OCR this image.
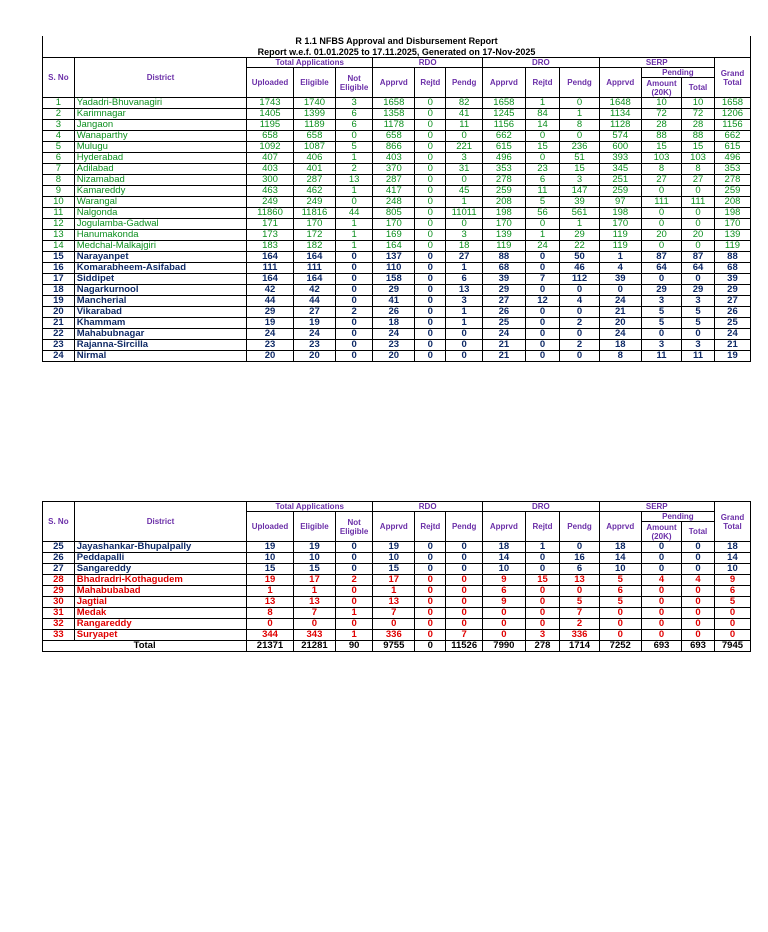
R 1.1 NFBS Approval and Disbursement Report
Report w.e.f. 01.01.2025 to 17.11.2025, Generated on 17-Nov-2025
S. No	District	Total Applications			RDO			DRO			SERP			Grand Total
		Uploaded	Eligible	Not Eligible	Apprvd	Rejtd	Pendg	Apprvd	Rejtd	Pendg	Apprvd	Pending		
												Amount (20K)	Total	
1	Yadadri-Bhuvanagiri	1743	1740	3	1658	0	82	1658	1	0	1648	10	10	1658
2	Karimnagar	1405	1399	6	1358	0	41	1245	84	1	1134	72	72	1206
3	Jangaon	1195	1189	6	1178	0	11	1156	14	8	1128	28	28	1156
4	Wanaparthy	658	658	0	658	0	0	662	0	0	574	88	88	662
5	Mulugu	1092	1087	5	866	0	221	615	15	236	600	15	15	615
6	Hyderabad	407	406	1	403	0	3	496	0	51	393	103	103	496
7	Adilabad	403	401	2	370	0	31	353	23	15	345	8	8	353
8	Nizamabad	300	287	13	287	0	0	278	6	3	251	27	27	278
9	Kamareddy	463	462	1	417	0	45	259	11	147	259	0	0	259
10	Warangal	249	249	0	248	0	1	208	5	39	97	111	111	208
11	Nalgonda	11860	11816	44	805	0	11011	198	56	561	198	0	0	198
12	Jogulamba-Gadwal	171	170	1	170	0	0	170	0	1	170	0	0	170
13	Hanumakonda	173	172	1	169	0	3	139	1	29	119	20	20	139
14	Medchal-Malkajgiri	183	182	1	164	0	18	119	24	22	119	0	0	119
15	Narayanpet	164	164	0	137	0	27	88	0	50	1	87	87	88
16	Komarabheem-Asifabad	111	111	0	110	0	1	68	0	46	4	64	64	68
17	Siddipet	164	164	0	158	0	6	39	7	112	39	0	0	39
18	Nagarkurnool	42	42	0	29	0	13	29	0	0	0	29	29	29
19	Mancherial	44	44	0	41	0	3	27	12	4	24	3	3	27
20	Vikarabad	29	27	2	26	0	1	26	0	0	21	5	5	26
21	Khammam	19	19	0	18	0	1	25	0	2	20	5	5	25
22	Mahabubnagar	24	24	0	24	0	0	24	0	0	24	0	0	24
23	Rajanna-Sircilla	23	23	0	23	0	0	21	0	2	18	3	3	21
24	Nirmal	20	20	0	20	0	0	21	0	0	8	11	11	19
S. No	District	Total Applications			RDO			DRO			SERP			Grand Total
		Uploaded	Eligible	Not Eligible	Apprvd	Rejtd	Pendg	Apprvd	Rejtd	Pendg	Apprvd	Pending		
												Amount (20K)	Total	
25	Jayashankar-Bhupalpally	19	19	0	19	0	0	18	1	0	18	0	0	18
26	Peddapalli	10	10	0	10	0	0	14	0	16	14	0	0	14
27	Sangareddy	15	15	0	15	0	0	10	0	6	10	0	0	10
28	Bhadradri-Kothagudem	19	17	2	17	0	0	9	15	13	5	4	4	9
29	Mahabubabad	1	1	0	1	0	0	6	0	0	6	0	0	6
30	Jagtial	13	13	0	13	0	0	9	0	5	5	0	0	5
31	Medak	8	7	1	7	0	0	0	0	7	0	0	0	0
32	Rangareddy	0	0	0	0	0	0	0	0	2	0	0	0	0
33	Suryapet	344	343	1	336	0	7	0	3	336	0	0	0	0
Total		21371	21281	90	9755	0	11526	7990	278	1714	7252	693	693	7945
